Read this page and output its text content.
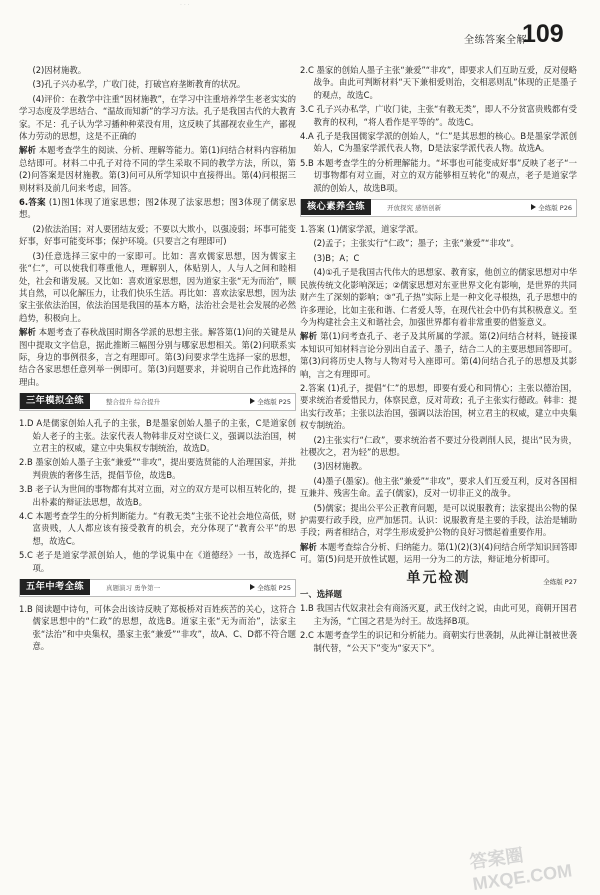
· · ·
全练答案全解
109

(2)因材施教。

(3)孔子兴办私学，广收门徒，打破官府垄断教育的状况。

(4)评价：在教学中注重“因材施教”，在学习中注重培养学生老老实实的学习态度及学思结合、“温故而知新”的学习方法。孔子是我国古代的大教育家。不足：孔子认为学习播种种菜没有用，这反映了其鄙视农业生产，鄙视体力劳动的思想，这是不正确的

解析 本题考查学生的阅读、分析、理解等能力。第(1)问结合材料内容稍加总结即可。材料二中孔子对待不同的学生采取不同的教学方法，所以，第(2)问答案是因材施教。第(3)问可从所学知识中直接得出。第(4)问根据三则材料及前几问来考虑，回答。

6.答案 (1)图1体现了道家思想；图2体现了法家思想；图3体现了儒家思想。

(2)依法治国；对人要团结友爱；不要以大欺小，以强凌弱；坏事可能变好事，好事可能变坏事；保护环境。(只要言之有理即可)

(3)任意选择三家中的一家即可。比如：喜欢儒家思想，因为儒家主张“仁”，可以使我们尊重他人，理解别人，体贴别人，人与人之间和睦相处，社会和谐发展。又比如：喜欢道家思想，因为道家主张“无为而治”，顺其自然，可以化解压力，让我们快乐生活。再比如：喜欢法家思想，因为法家主张依法治国，依法治国是我国的基本方略，法治社会是社会发展的必然趋势，积极向上。

解析 本题考查了春秋战国时期各学派的思想主张。解答第(1)问的关键是从图中提取文字信息，据此推断三幅图分别与哪家思想相关。第(2)问联系实际，身边的事例很多，言之有理即可。第(3)问要求学生选择一家的思想，结合各家思想任意列举一例即可。第(3)问题要求，并说明自己作此选择的理由。

三年模拟全练	整合提升 综合提升	全练版 P25

1.D A是儒家创始人孔子的主张，B是墨家创始人墨子的主张，C是道家创始人老子的主张。法家代表人物韩非反对空谈仁义，强调以法治国，树立君主的权威，建立中央集权专制统治，故选D。

2.B 墨家创始人墨子主张“兼爱”“非攻”，提出要选贤能的人治理国家，并批判贵族的奢侈生活，提倡节俭，故选B。

3.B 老子认为世间的事物都有其对立面，对立的双方是可以相互转化的，提出朴素的辩证法思想，故选B。

4.C 本题考查学生的分析判断能力。“有教无类”主张不论社会地位高低，财富贵贱，人人都应该有接受教育的机会，充分体现了“教育公平”的思想，故选C。

5.C 老子是道家学派创始人，他的学说集中在《道德经》一书，故选择C项。

五年中考全练	真题演习 勇争第一	全练版 P25

1.B 阅读题中诗句，可体会出该诗反映了郑板桥对百姓疾苦的关心，这符合儒家思想中的“仁政”的思想，故选B。道家主张“无为而治”，法家主张“法治”和中央集权，墨家主张“兼爱”“非攻”，故A、C、D都不符合题意。

2.C 墨家的创始人墨子主张“兼爱”“非攻”，即要求人们互助互爱，反对侵略战争。由此可判断材料“天下兼相爱则治，交相恶则乱”体现的正是墨子的观点，故选C。

3.C 孔子兴办私学，广收门徒，主张“有教无类”，即人不分贫富贵贱都有受教育的权利，“将人看作是平等的”。故选C。

4.A 孔子是我国儒家学派的创始人，“仁”是其思想的核心。B是墨家学派创始人，C为墨家学派代表人物，D是法家学派代表人物。故选A。

5.B 本题考查学生的分析理解能力。“坏事也可能变成好事”反映了老子“一切事物都有对立面，对立的双方能够相互转化”的观点，老子是道家学派的创始人，故选B项。

核心素养全练	开放探究 感悟创新	全练版 P26

1.答案 (1)儒家学派，道家学派。

(2)孟子；主张实行“仁政”；墨子；主张“兼爱”“非攻”。

(3)B；A；C

(4)①孔子是我国古代伟大的思想家、教育家，他创立的儒家思想对中华民族传统文化影响深远；②儒家思想对东亚世界文化有影响，是世界的共同财产生了深刻的影响；③“孔子热”实际上是一种文化寻根热，孔子思想中的许多理论，比如主张和谐、仁者爱人等，在现代社会中仍有其积极意义。至今为构建社会主义和谐社会，加强世界都有着非常重要的借鉴意义。

解析 第(1)问考查孔子、老子及其所属的学派。第(2)问结合材料，链接课本知识可知材料言论分别出自孟子、墨子，结合二人的主要思想回答即可。第(3)问将历史人物与人物对号入座即可。第(4)问结合孔子的思想及其影响，言之有理即可。

2.答案 (1)孔子，提倡“仁”的思想，即要有爱心和同情心；主张以德治国，要求统治者爱惜民力，体察民意，反对苛政；孔子主张实行德政。韩非：提出实行改革；主张以法治国，强调以法治国，树立君主的权威，建立中央集权专制统治。

(2)主张实行“仁政”，要求统治者不要过分役剥削人民，提出“民为贵，社稷次之，君为轻”的思想。

(3)因材施教。

(4)墨子(墨家)。他主张“兼爱”“非攻”，要求人们互爱互利，反对各国相互兼并、残害生命。孟子(儒家)，反对一切非正义的战争。

(5)儒家；提出公平公正教育问题，是可以说服教育；法家提出公物的保护需要行政手段，应严加惩罚。认识：说服教育是主要的手段，法治是辅助手段；两者相结合，对学生形成爱护公物的良好习惯起着重要作用。

解析 本题考查综合分析、归纳能力。第(1)(2)(3)(4)问结合所学知识回答即可。第(5)问是开放性试题，运用一分为二的方法，辩证地分析即可。

单元检测	全练版 P27

一、选择题

1.B 我国古代奴隶社会有商汤灭夏，武王伐纣之说，由此可见，商朝开国君主为汤，“亡国之君是为纣王。故选择B项。

2.C 本题考查学生的识记和分析能力。商朝实行世袭制，从此禅让制被世袭制代替，“公天下”变为“家天下”。

答案圈 MXQE.COM
